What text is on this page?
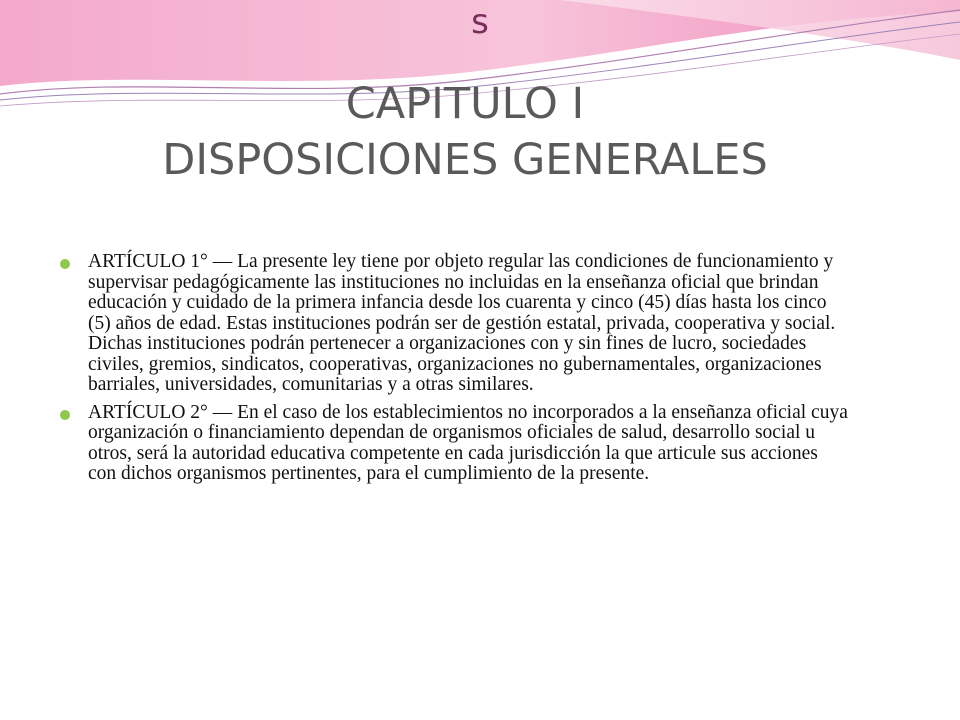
s
CAPITULO I
DISPOSICIONES GENERALES
ARTÍCULO 1° — La presente ley tiene por objeto regular las condiciones de funcionamiento y supervisar pedagógicamente las instituciones no incluidas en la enseñanza oficial que brindan educación y cuidado de la primera infancia desde los cuarenta y cinco (45) días hasta los cinco (5) años de edad. Estas instituciones podrán ser de gestión estatal, privada, cooperativa y social. Dichas instituciones podrán pertenecer a organizaciones con y sin fines de lucro, sociedades civiles, gremios, sindicatos, cooperativas, organizaciones no gubernamentales, organizaciones barriales, universidades, comunitarias y a otras similares.
ARTÍCULO 2° — En el caso de los establecimientos no incorporados a la enseñanza oficial cuya organización o financiamiento dependan de organismos oficiales de salud, desarrollo social u otros, será la autoridad educativa competente en cada jurisdicción la que articule sus acciones con dichos organismos pertinentes, para el cumplimiento de la presente.
